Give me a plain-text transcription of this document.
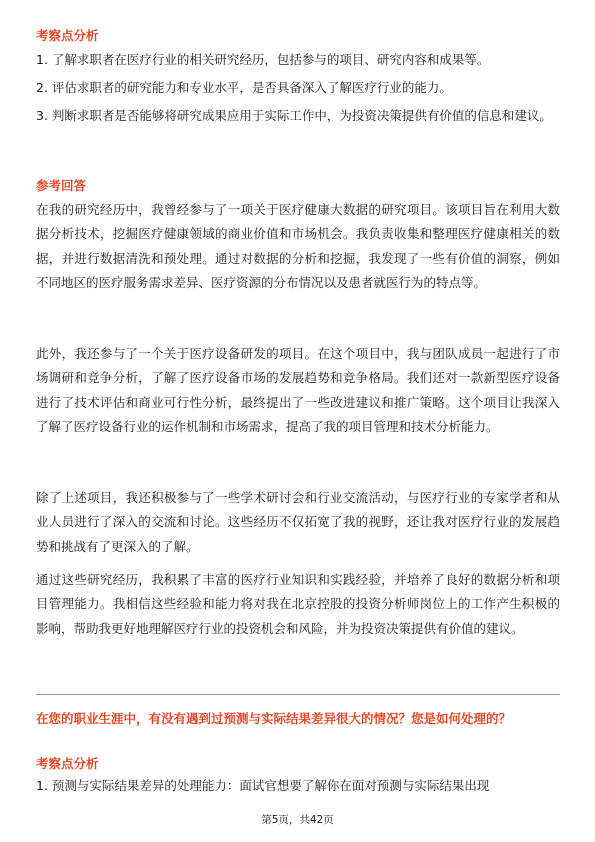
考察点分析

1. 了解求职者在医疗行业的相关研究经历，包括参与的项目、研究内容和成果等。

2. 评估求职者的研究能力和专业水平，是否具备深入了解医疗行业的能力。

3. 判断求职者是否能够将研究成果应用于实际工作中，为投资决策提供有价值的信息和建议。

参考回答

在我的研究经历中，我曾经参与了一项关于医疗健康大数据的研究项目。该项目旨在利用大数据分析技术，挖掘医疗健康领域的商业价值和市场机会。我负责收集和整理医疗健康相关的数据，并进行数据清洗和预处理。通过对数据的分析和挖掘，我发现了一些有价值的洞察，例如不同地区的医疗服务需求差异、医疗资源的分布情况以及患者就医行为的特点等。

此外，我还参与了一个关于医疗设备研发的项目。在这个项目中，我与团队成员一起进行了市场调研和竞争分析，了解了医疗设备市场的发展趋势和竞争格局。我们还对一款新型医疗设备进行了技术评估和商业可行性分析，最终提出了一些改进建议和推广策略。这个项目让我深入了解了医疗设备行业的运作机制和市场需求，提高了我的项目管理和技术分析能力。

除了上述项目，我还积极参与了一些学术研讨会和行业交流活动，与医疗行业的专家学者和从业人员进行了深入的交流和讨论。这些经历不仅拓宽了我的视野，还让我对医疗行业的发展趋势和挑战有了更深入的了解。

通过这些研究经历，我积累了丰富的医疗行业知识和实践经验，并培养了良好的数据分析和项目管理能力。我相信这些经验和能力将对我在北京控股的投资分析师岗位上的工作产生积极的影响，帮助我更好地理解医疗行业的投资机会和风险，并为投资决策提供有价值的建议。

在您的职业生涯中，有没有遇到过预测与实际结果差异很大的情况？您是如何处理的？

考察点分析

1. 预测与实际结果差异的处理能力：面试官想要了解你在面对预测与实际结果出现

第5页，共42页
